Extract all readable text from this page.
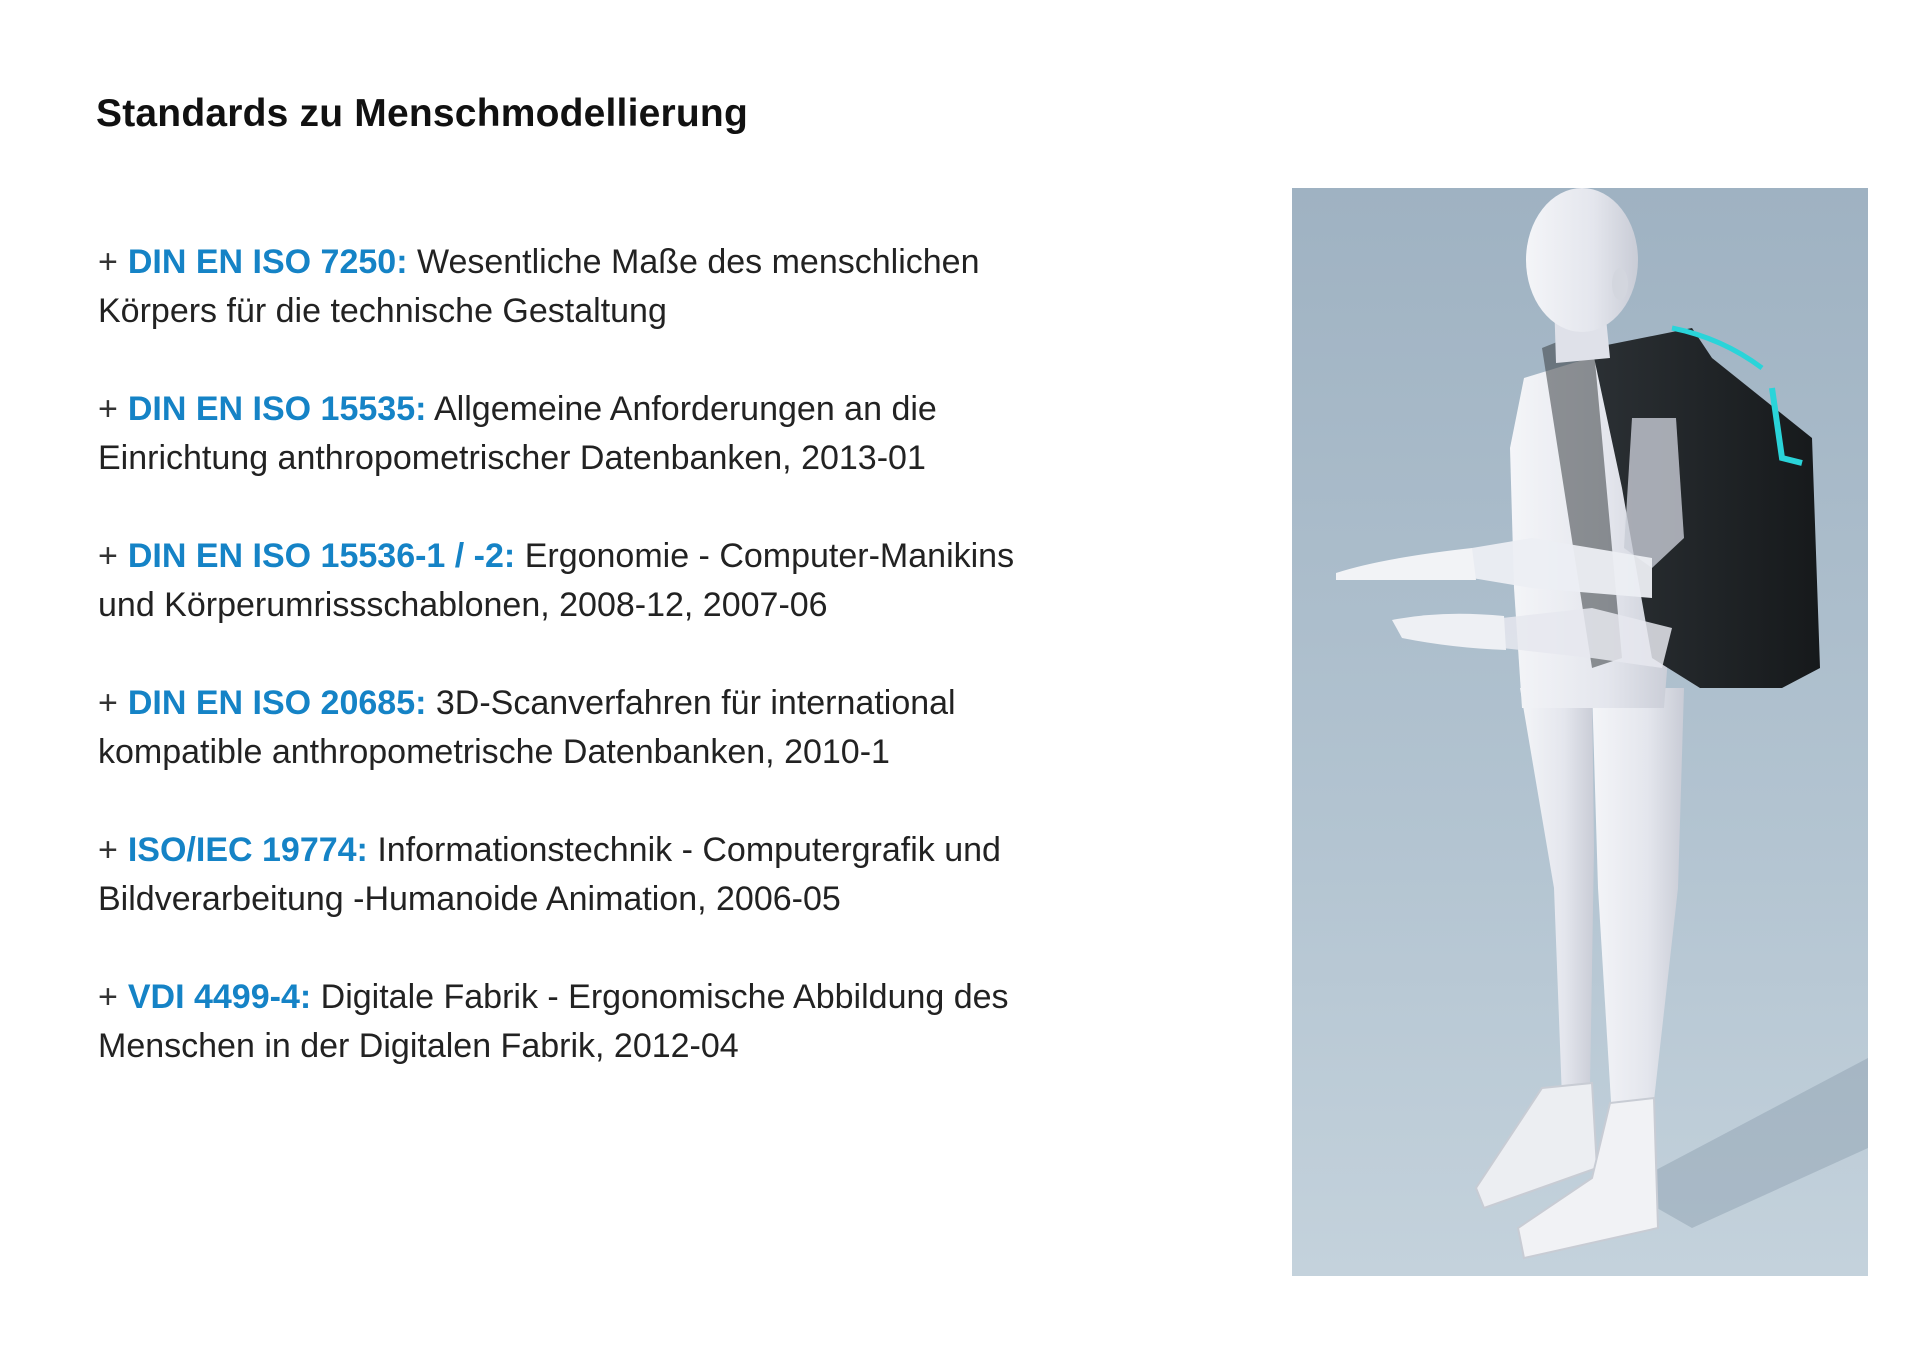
Standards zu Menschmodellierung
+ DIN EN ISO 7250: Wesentliche Maße des menschlichen Körpers für die technische Gestaltung
+ DIN EN ISO 15535: Allgemeine Anforderungen an die Einrichtung anthropometrischer Datenbanken, 2013-01
+ DIN EN ISO 15536-1 / -2: Ergonomie - Computer-Manikins und Körperumrissschablonen, 2008-12, 2007-06
+ DIN EN ISO 20685: 3D-Scanverfahren für international kompatible anthropometrische Datenbanken, 2010-1
+ ISO/IEC 19774: Informationstechnik - Computergrafik und Bildverarbeitung -Humanoide Animation, 2006-05
+ VDI 4499-4: Digitale Fabrik - Ergonomische Abbildung des Menschen in der Digitalen Fabrik, 2012-04
